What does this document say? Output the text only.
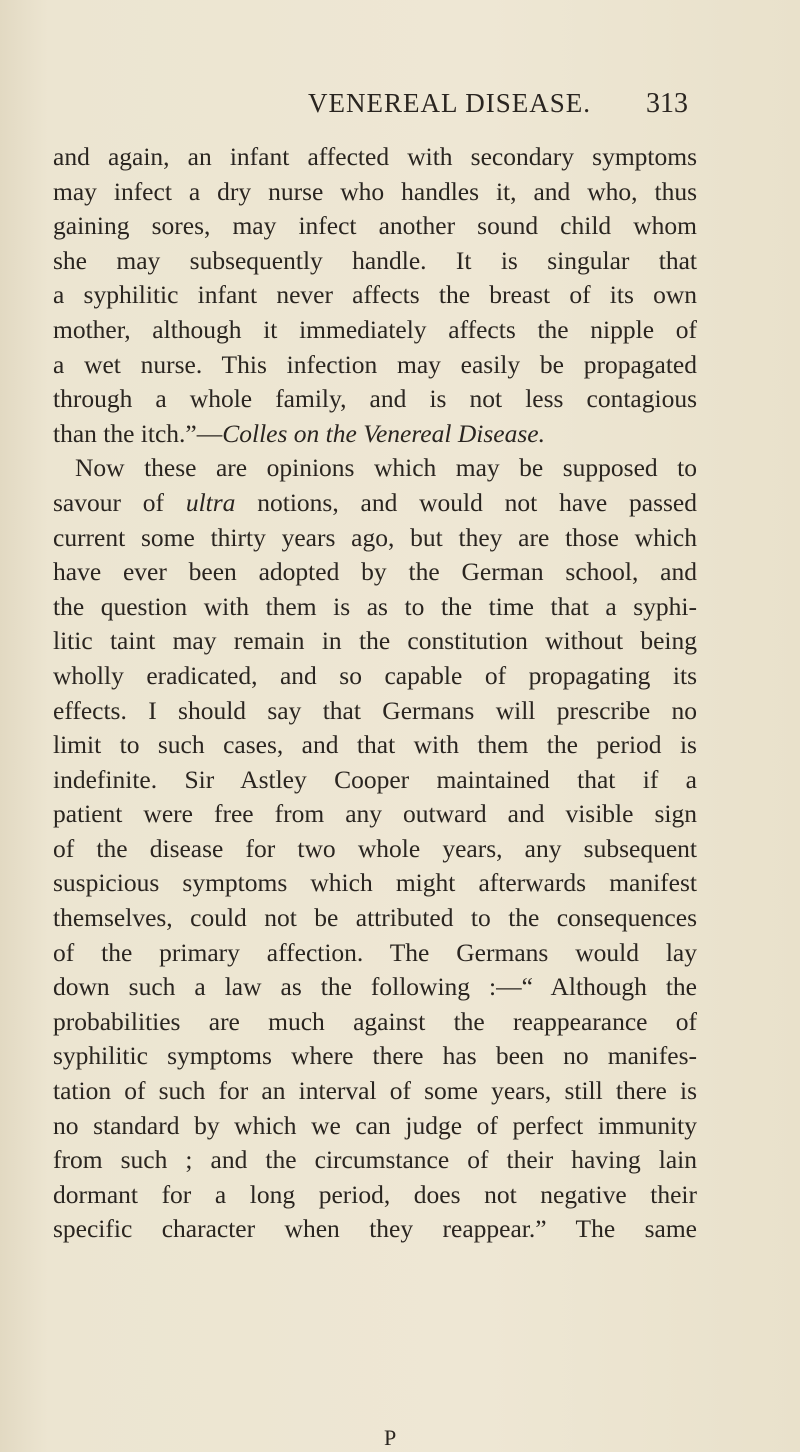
VENEREAL DISEASE. 313
and again, an infant affected with secondary symptoms
may infect a dry nurse who handles it, and who, thus
gaining sores, may infect another sound child whom
she may subsequently handle. It is singular that
a syphilitic infant never affects the breast of its own
mother, although it immediately affects the nipple of
a wet nurse. This infection may easily be propagated
through a whole family, and is not less contagious
than the itch.”—Colles on the Venereal Disease.
Now these are opinions which may be supposed to
savour of ultra notions, and would not have passed
current some thirty years ago, but they are those which
have ever been adopted by the German school, and
the question with them is as to the time that a syphi-
litic taint may remain in the constitution without being
wholly eradicated, and so capable of propagating its
effects. I should say that Germans will prescribe no
limit to such cases, and that with them the period is
indefinite. Sir Astley Cooper maintained that if a
patient were free from any outward and visible sign
of the disease for two whole years, any subsequent
suspicious symptoms which might afterwards manifest
themselves, could not be attributed to the consequences
of the primary affection. The Germans would lay
down such a law as the following :—“ Although the
probabilities are much against the reappearance of
syphilitic symptoms where there has been no manifes-
tation of such for an interval of some years, still there is
no standard by which we can judge of perfect immunity
from such ; and the circumstance of their having lain
dormant for a long period, does not negative their
specific character when they reappear.” The same
P
